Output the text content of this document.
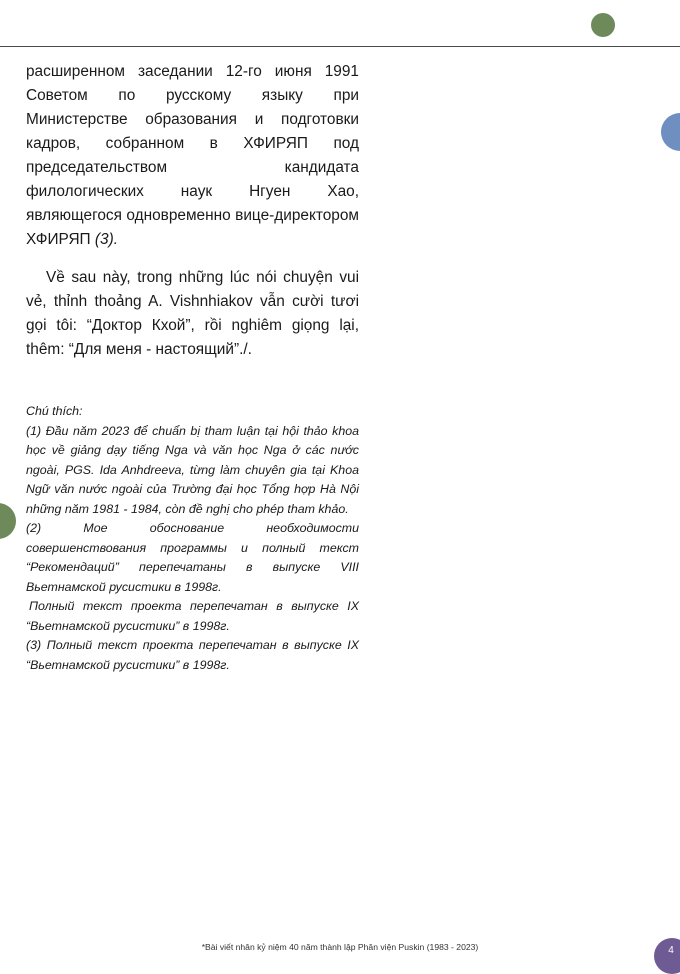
расширенном заседании 12-го июня 1991 Советом по русскому языку при Министерстве образования и подготовки кадров, собранном в ХФИРЯП под председательством кандидата филологических наук Нгуен Хао, являющегося одновременно вице-директором ХФИРЯП (3).

Về sau này, trong những lúc nói chuyện vui vẻ, thỉnh thoảng A. Vishnhiakov vẫn cười tươi gọi tôi: “Доктор Кхой”, rồi nghiêm giọng lại, thêm: “Для меня - настоящий”./.

Chú thích:

(1) Đầu năm 2023 để chuẩn bị tham luận tại hội thảo khoa học về giảng dạy tiếng Nga và văn học Nga ở các nước ngoài, PGS. Ida Anhdreeva, từng làm chuyên gia tại Khoa Ngữ văn nước ngoài của Trường đại học Tổng hợp Hà Nội những năm 1981 - 1984, còn đề nghị cho phép tham khảo.

(2) Мое обоснование необходимости совершенствования программы и полный текст “Рекомендаций” перепечатаны в выпуске VIII Вьетнамской русистики в 1998г.

Полный текст проекта перепечатан в выпуске IX “Вьетнамской русистики” в 1998г.

(3) Полный текст проекта перепечатан в выпуске IX “Вьетнамской русистики” в 1998г.

*Bài viết nhân kỷ niệm 40 năm thành lập Phân viện Puskin (1983 - 2023)	4
